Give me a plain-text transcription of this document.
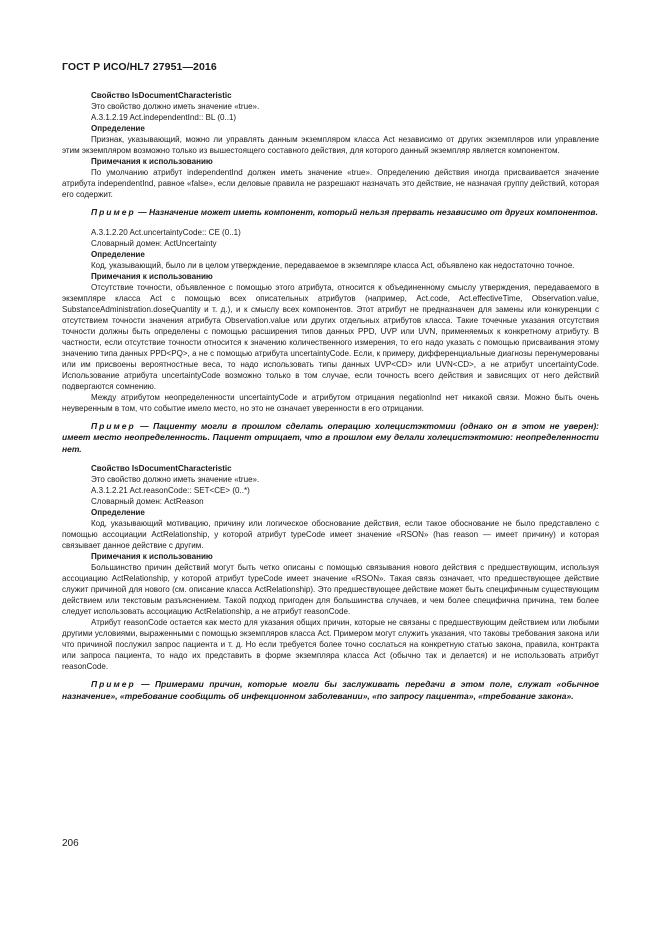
ГОСТ Р ИСО/HL7 27951—2016

Свойство IsDocumentCharacteristic

Это свойство должно иметь значение «true».

A.3.1.2.19 Act.independentInd:: BL (0..1)

Определение

Признак, указывающий, можно ли управлять данным экземпляром класса Act независимо от других экземпляров или управление этим экземпляром возможно только из вышестоящего составного действия, для которого данный экземпляр является компонентом.

Примечания к использованию

По умолчанию атрибут independentInd должен иметь значение «true». Определению действия иногда присваивается значение атрибута independentInd, равное «false», если деловые правила не разрешают назначать это действие, не назначая группу действий, которая его содержит.

Пример — Назначение может иметь компонент, который нельзя прервать независимо от других компонентов.

A.3.1.2.20 Act.uncertaintyCode:: CE (0..1)

Словарный домен: ActUncertainty

Определение

Код, указывающий, было ли в целом утверждение, передаваемое в экземпляре класса Act, объявлено как недостаточно точное.

Примечания к использованию

Отсутствие точности, объявленное с помощью этого атрибута, относится к объединенному смыслу утверждения, передаваемого в экземпляре класса Act с помощью всех описательных атрибутов (например, Act.code, Act.effectiveTime, Observation.value, SubstanceAdministration.doseQuantity и т. д.), и к смыслу всех компонентов. Этот атрибут не предназначен для замены или конкуренции с отсутствием точности значения атрибута Observation.value или других отдельных атрибутов класса. Такие точечные указания отсутствия точности должны быть определены с помощью расширения типов данных PPD, UVP или UVN, применяемых к конкретному атрибуту. В частности, если отсутствие точности относится к значению количественного измерения, то его надо указать с помощью присваивания этому значению типа данных PPD<PQ>, а не с помощью атрибута uncertaintyCode. Если, к примеру, дифференциальные диагнозы перенумерованы или им присвоены вероятностные веса, то надо использовать типы данных UVP<CD> или UVN<CD>, а не атрибут uncertaintyCode. Использование атрибута uncertaintyCode возможно только в том случае, если точность всего действия и зависящих от него действий подвергаются сомнению.

Между атрибутом неопределенности uncertaintyCode и атрибутом отрицания negationInd нет никакой связи. Можно быть очень неуверенным в том, что событие имело место, но это не означает уверенности в его отрицании.

Пример — Пациенту могли в прошлом сделать операцию холецистэктомии (однако он в этом не уверен): имеет место неопределенность. Пациент отрицает, что в прошлом ему делали холецистэктомию: неопределенности нет.

Свойство IsDocumentCharacteristic

Это свойство должно иметь значение «true».

A.3.1.2.21 Act.reasonCode:: SET<CE> (0..*)

Словарный домен: ActReason

Определение

Код, указывающий мотивацию, причину или логическое обоснование действия, если такое обоснование не было представлено с помощью ассоциации ActRelationship, у которой атрибут typeCode имеет значение «RSON» (has reason — имеет причину) и которая связывает данное действие с другим.

Примечания к использованию

Большинство причин действий могут быть четко описаны с помощью связывания нового действия с предшествующим, используя ассоциацию ActRelationship, у которой атрибут typeCode имеет значение «RSON». Такая связь означает, что предшествующее действие служит причиной для нового (см. описание класса ActRelationship). Это предшествующее действие может быть специфичным существующим действием или текстовым разъяснением. Такой подход пригоден для большинства случаев, и чем более специфична причина, тем более следует использовать ассоциацию ActRelationship, а не атрибут reasonCode.

Атрибут reasonCode остается как место для указания общих причин, которые не связаны с предшествующим действием или любыми другими условиями, выраженными с помощью экземпляров класса Act. Примером могут служить указания, что таковы требования закона или что причиной послужил запрос пациента и т. д. Но если требуется более точно сослаться на конкретную статью закона, правила, контракта или запроса пациента, то надо их представить в форме экземпляра класса Act (обычно так и делается) и не использовать атрибут reasonCode.

Пример — Примерами причин, которые могли бы заслуживать передачи в этом поле, служат «обычное назначение», «требование сообщить об инфекционном заболевании», «по запросу пациента», «требование закона».

206
